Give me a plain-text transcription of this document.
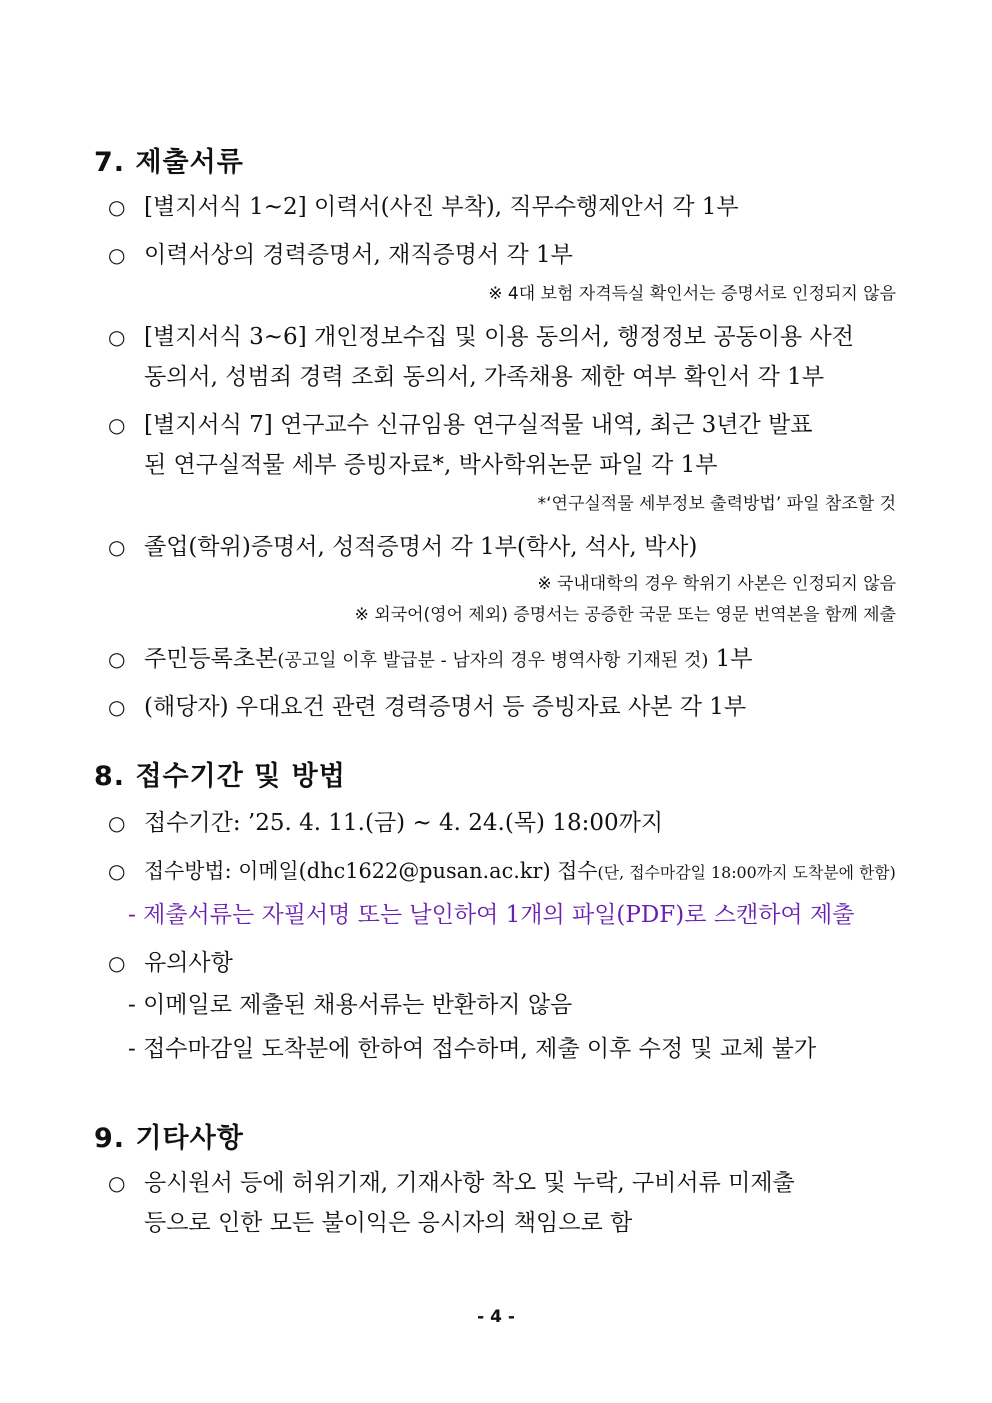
7. 제출서류
○ [별지서식 1~2] 이력서(사진 부착), 직무수행제안서 각 1부
○ 이력서상의 경력증명서, 재직증명서 각 1부
※ 4대 보험 자격득실 확인서는 증명서로 인정되지 않음
○ [별지서식 3~6] 개인정보수집 및 이용 동의서, 행정정보 공동이용 사전
동의서, 성범죄 경력 조회 동의서, 가족채용 제한 여부 확인서 각 1부
○ [별지서식 7] 연구교수 신규임용 연구실적물 내역, 최근 3년간 발표
된 연구실적물 세부 증빙자료*, 박사학위논문 파일 각 1부
*‘연구실적물 세부정보 출력방법’ 파일 참조할 것
○ 졸업(학위)증명서, 성적증명서 각 1부(학사, 석사, 박사)
※ 국내대학의 경우 학위기 사본은 인정되지 않음
※ 외국어(영어 제외) 증명서는 공증한 국문 또는 영문 번역본을 함께 제출
○ 주민등록초본(공고일 이후 발급분 - 남자의 경우 병역사항 기재된 것) 1부
○ (해당자) 우대요건 관련 경력증명서 등 증빙자료 사본 각 1부
8. 접수기간 및 방법
○ 접수기간: ’25. 4. 11.(금) ~ 4. 24.(목) 18:00까지
○ 접수방법: 이메일(dhc1622@pusan.ac.kr) 접수(단, 접수마감일 18:00까지 도착분에 한함)
- 제출서류는 자필서명 또는 날인하여 1개의 파일(PDF)로 스캔하여 제출
○ 유의사항
- 이메일로 제출된 채용서류는 반환하지 않음
- 접수마감일 도착분에 한하여 접수하며, 제출 이후 수정 및 교체 불가
9. 기타사항
○ 응시원서 등에 허위기재, 기재사항 착오 및 누락, 구비서류 미제출
등으로 인한 모든 불이익은 응시자의 책임으로 함
- 4 -
